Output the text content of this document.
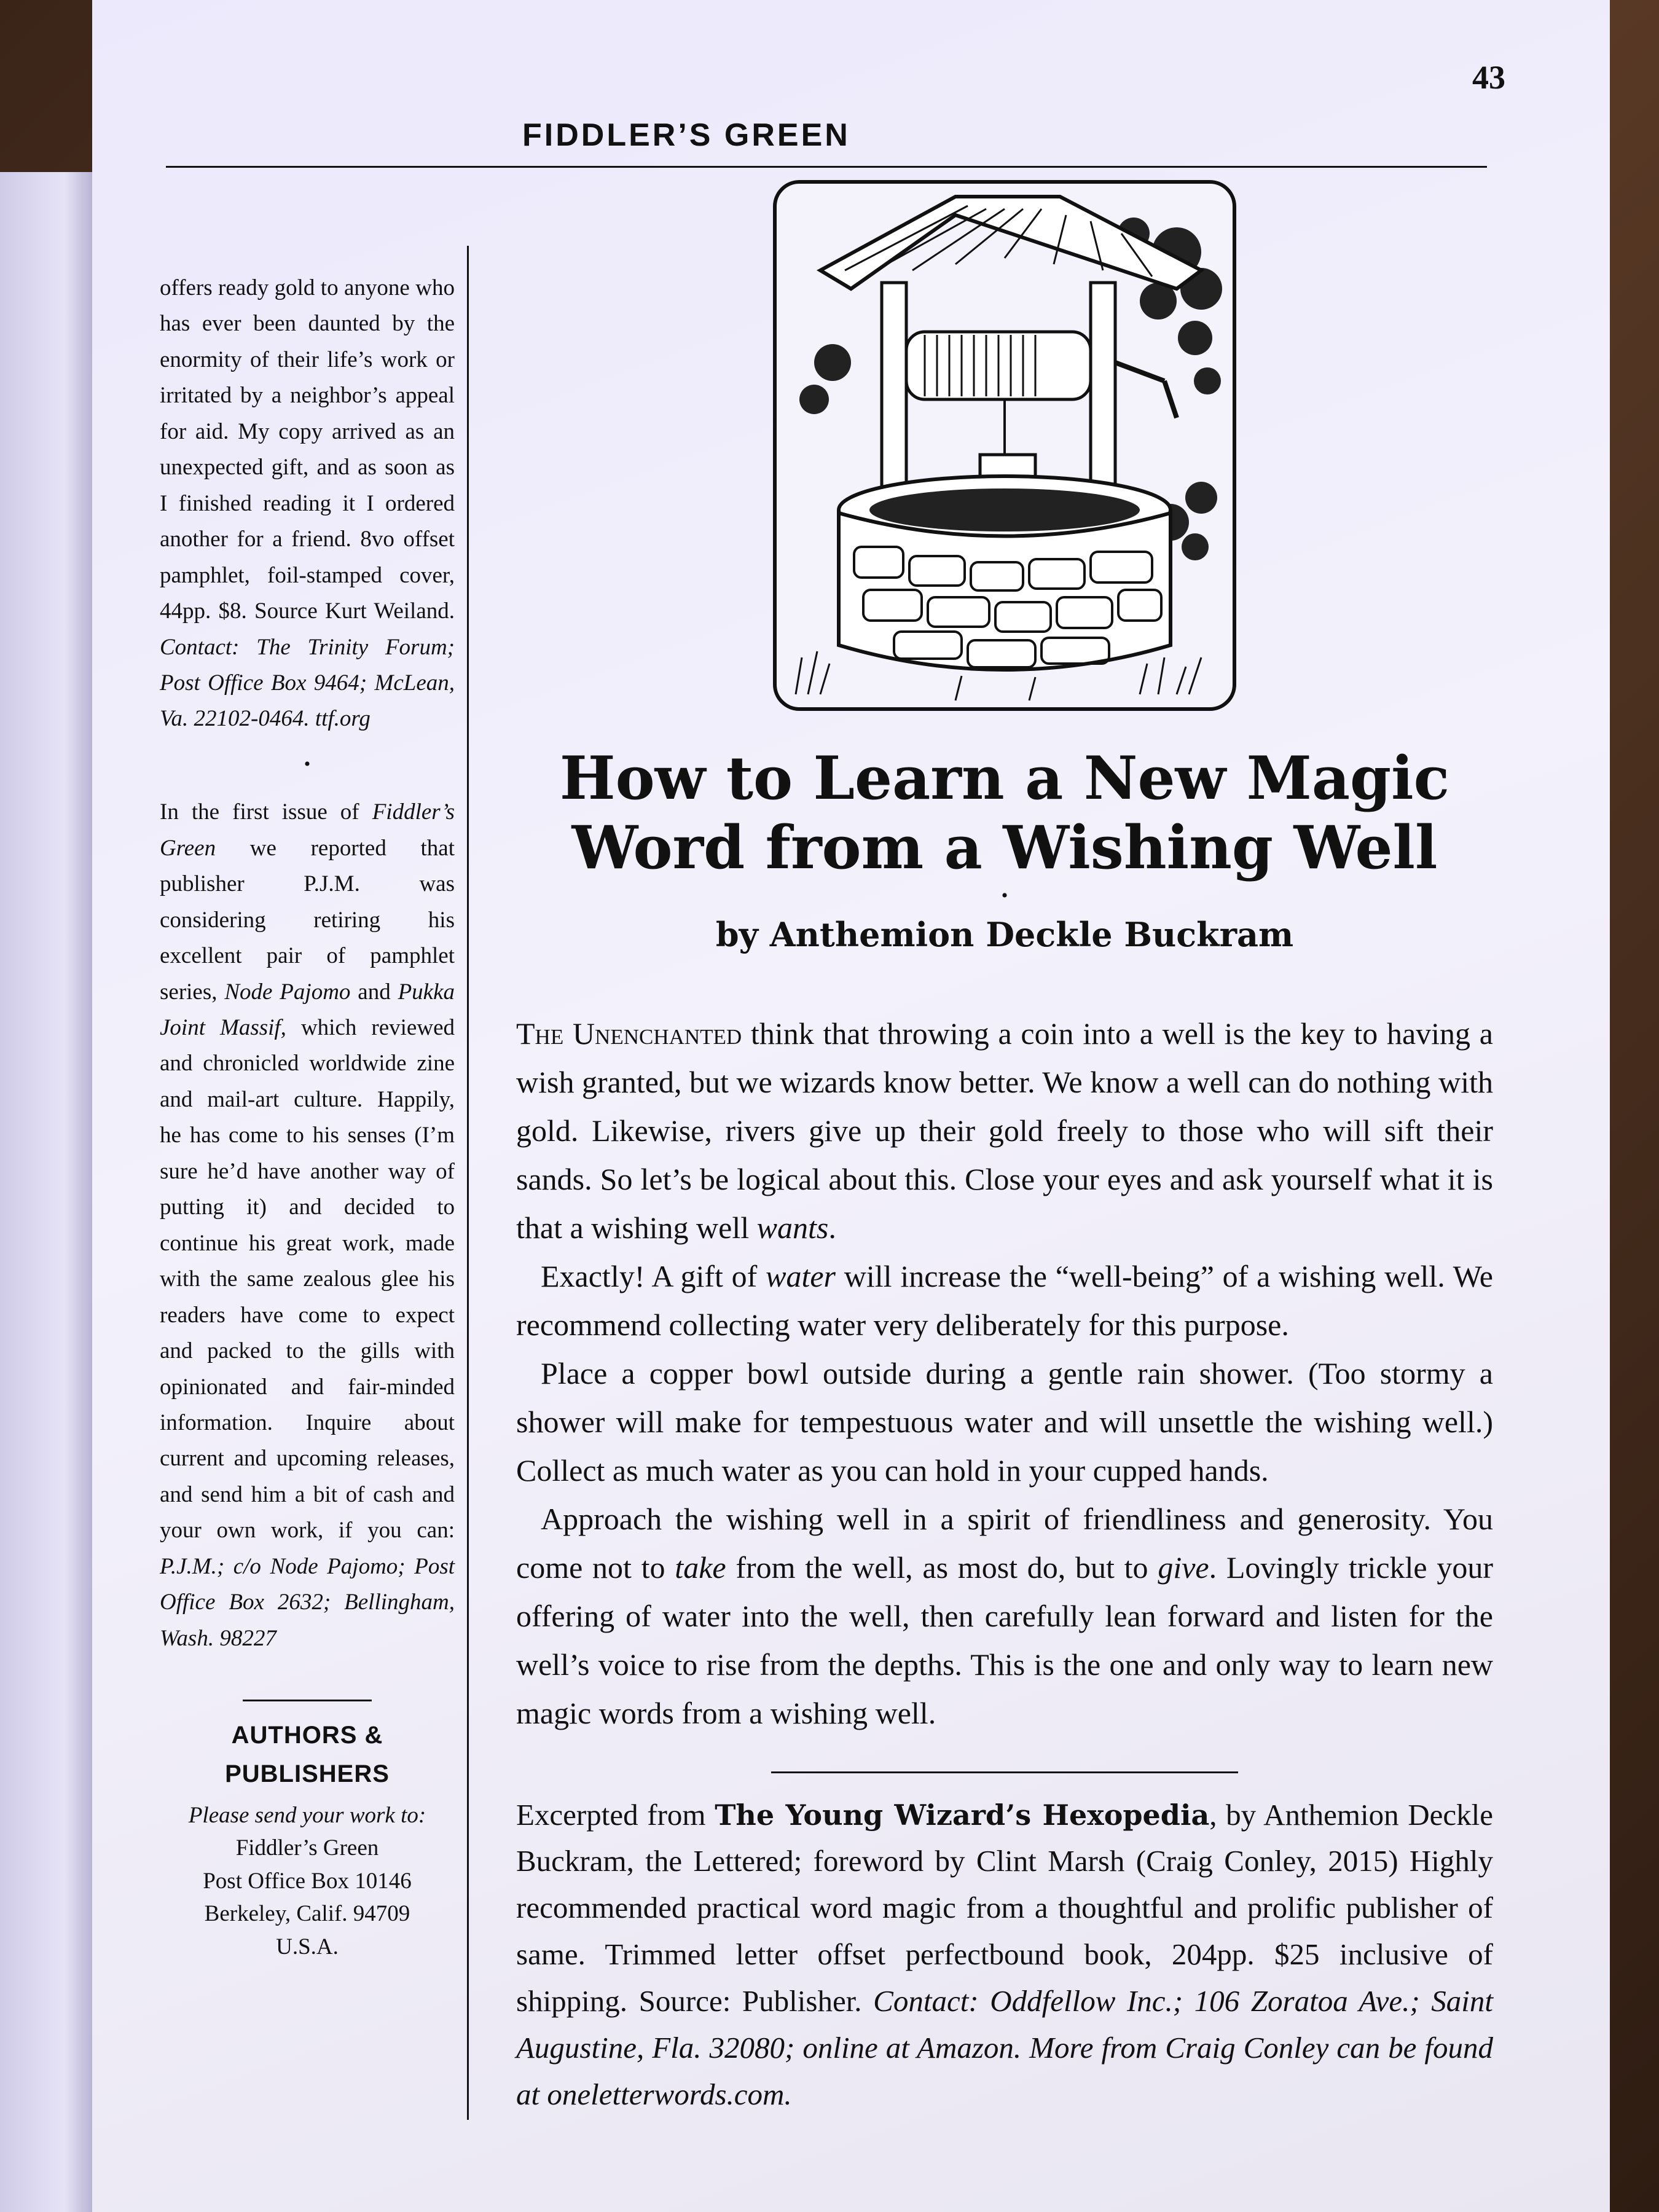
43
FIDDLER’S GREEN

offers ready gold to anyone who has ever been daunted by the enormity of their life’s work or irritated by a neighbor’s appeal for aid. My copy arrived as an unexpected gift, and as soon as I finished reading it I ordered another for a friend. 8vo offset pamphlet, foil-stamped cover, 44pp. $8. Source Kurt Weiland. Contact: The Trinity Forum; Post Office Box 9464; McLean, Va. 22102-0464. ttf.org

•

In the first issue of Fiddler’s Green we reported that publisher P.J.M. was considering retiring his excellent pair of pamphlet series, Node Pajomo and Pukka Joint Massif, which reviewed and chronicled worldwide zine and mail-art culture. Happily, he has come to his senses (I’m sure he’d have another way of putting it) and decided to continue his great work, made with the same zealous glee his readers have come to expect and packed to the gills with opinionated and fair-minded information. Inquire about current and upcoming releases, and send him a bit of cash and your own work, if you can: P.J.M.; c/o Node Pajomo; Post Office Box 2632; Bellingham, Wash. 98227

AUTHORS & PUBLISHERS
Please send your work to:
Fiddler’s Green
Post Office Box 10146
Berkeley, Calif. 94709
U.S.A.
How to Learn a New Magic
Word from a Wishing Well
•
by Anthemion Deckle Buckram

The Unenchanted think that throwing a coin into a well is the key to having a wish granted, but we wizards know better. We know a well can do nothing with gold. Likewise, rivers give up their gold freely to those who will sift their sands. So let’s be logical about this. Close your eyes and ask yourself what it is that a wishing well wants.

Exactly! A gift of water will increase the “well-being” of a wishing well. We recommend collecting water very deliberately for this purpose.

Place a copper bowl outside during a gentle rain shower. (Too stormy a shower will make for tempestuous water and will unsettle the wishing well.) Collect as much water as you can hold in your cupped hands.

Approach the wishing well in a spirit of friendliness and generosity. You come not to take from the well, as most do, but to give. Lovingly trickle your offering of water into the well, then carefully lean forward and listen for the well’s voice to rise from the depths. This is the one and only way to learn new magic words from a wishing well.

Excerpted from The Young Wizard’s Hexopedia, by Anthemion Deckle Buckram, the Lettered; foreword by Clint Marsh (Craig Conley, 2015) Highly recommended practical word magic from a thoughtful and prolific publisher of same. Trimmed letter offset perfectbound book, 204pp. $25 inclusive of shipping. Source: Publisher. Contact: Oddfellow Inc.; 106 Zoratoa Ave.; Saint Augustine, Fla. 32080; online at Amazon. More from Craig Conley can be found at oneletterwords.com.
